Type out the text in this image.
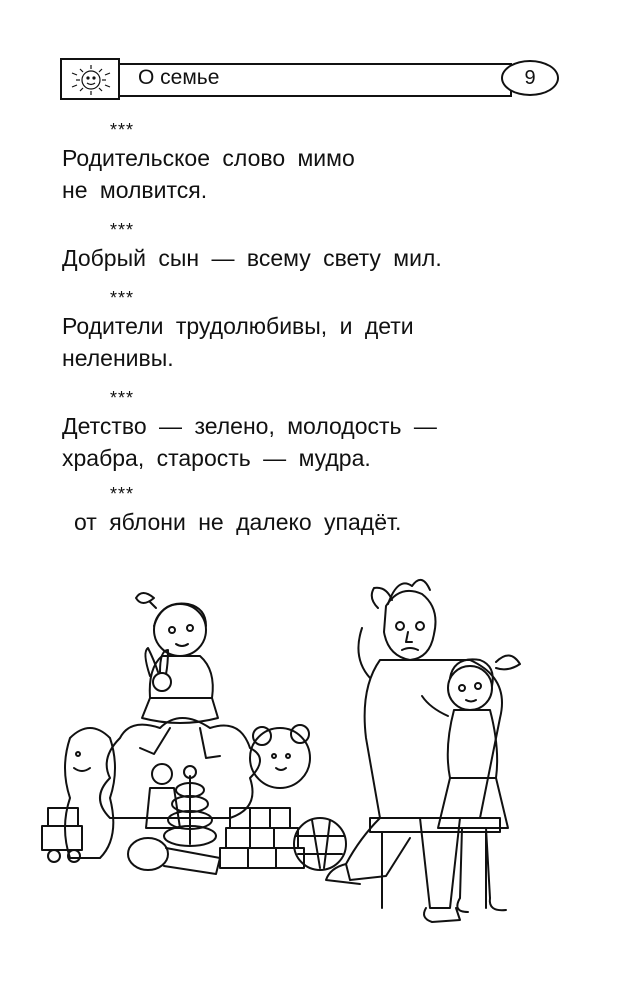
О семье	9
***
Родительское слово мимо
не молвится.
***
Добрый сын — всему свету мил.
***
Родители трудолюбивы, и дети
неленивы.
***
Детство — зелено, молодость —
храбра, старость — мудра.
***
от яблони не далеко упадёт.
